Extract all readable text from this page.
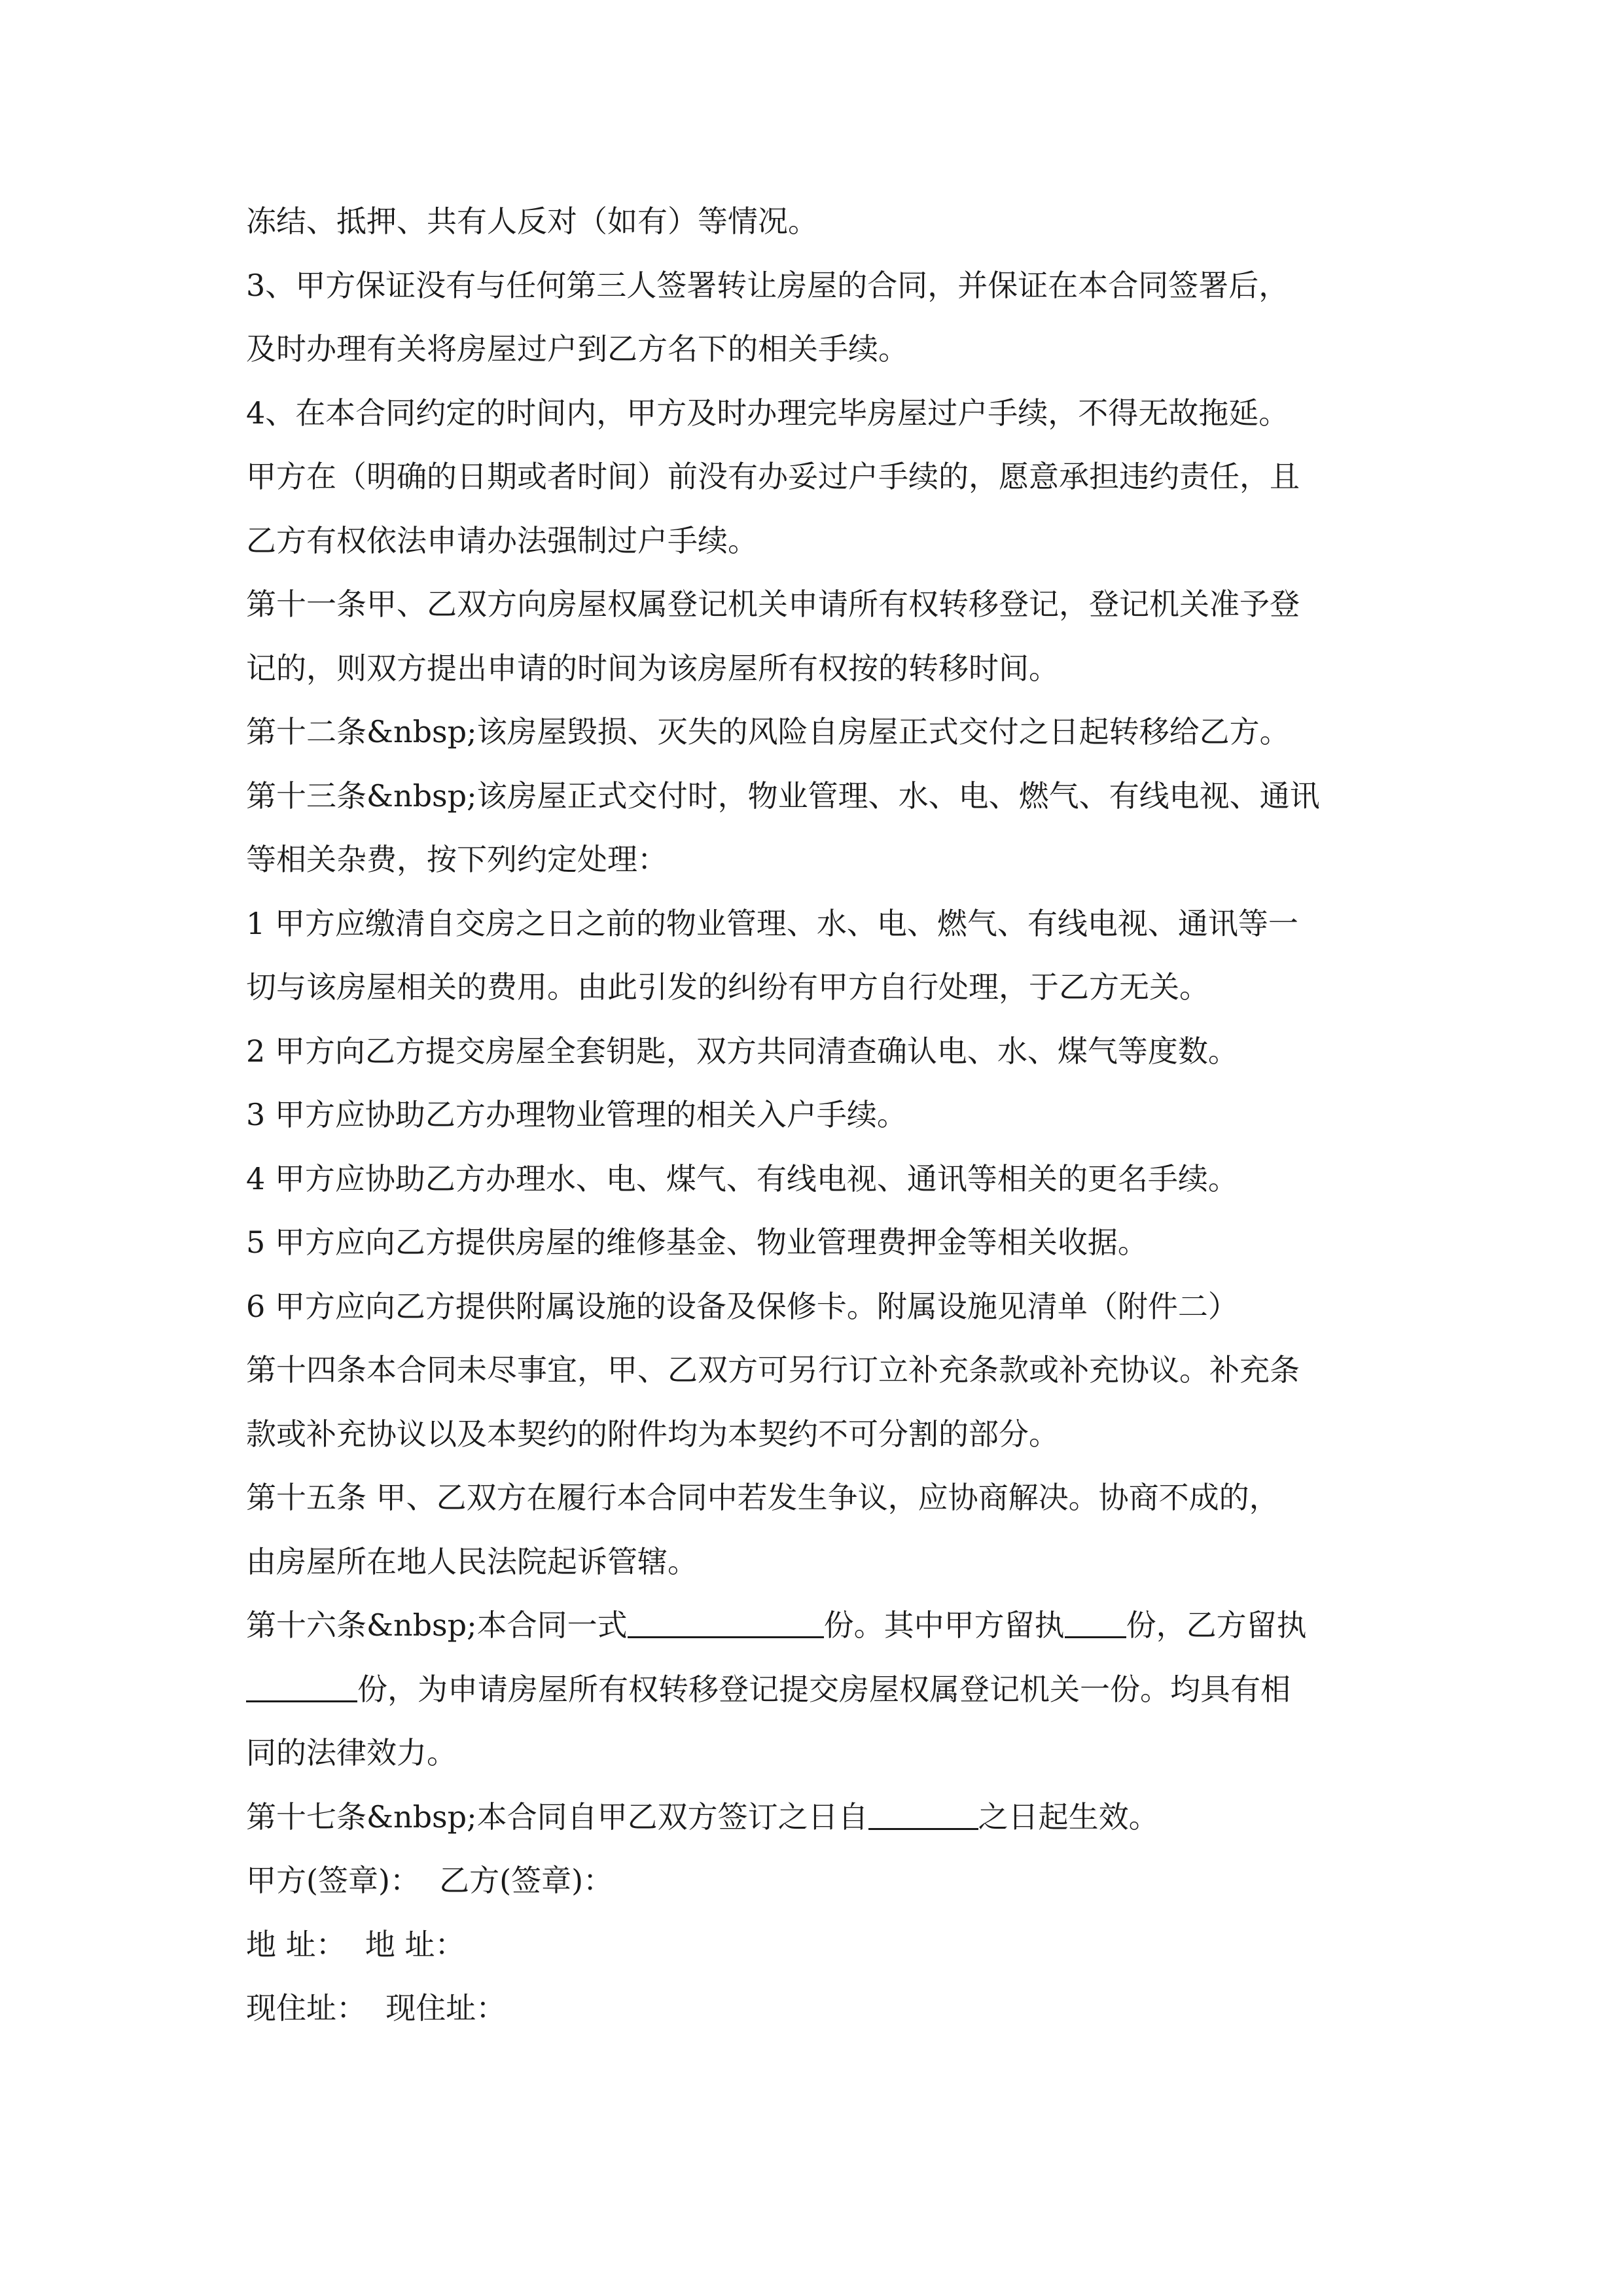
冻结、抵押、共有人反对（如有）等情况。
3、甲方保证没有与任何第三人签署转让房屋的合同，并保证在本合同签署后，
及时办理有关将房屋过户到乙方名下的相关手续。
4、在本合同约定的时间内，甲方及时办理完毕房屋过户手续，不得无故拖延。
甲方在（明确的日期或者时间）前没有办妥过户手续的，愿意承担违约责任，且
乙方有权依法申请办法强制过户手续。
第十一条甲、乙双方向房屋权属登记机关申请所有权转移登记，登记机关准予登
记的，则双方提出申请的时间为该房屋所有权按的转移时间。
第十二条&nbsp;该房屋毁损、灭失的风险自房屋正式交付之日起转移给乙方。
第十三条&nbsp;该房屋正式交付时，物业管理、水、电、燃气、有线电视、通讯
等相关杂费，按下列约定处理：
1 甲方应缴清自交房之日之前的物业管理、水、电、燃气、有线电视、通讯等一
切与该房屋相关的费用。由此引发的纠纷有甲方自行处理，于乙方无关。
2 甲方向乙方提交房屋全套钥匙，双方共同清查确认电、水、煤气等度数。
3 甲方应协助乙方办理物业管理的相关入户手续。
4 甲方应协助乙方办理水、电、煤气、有线电视、通讯等相关的更名手续。
5 甲方应向乙方提供房屋的维修基金、物业管理费押金等相关收据。
6 甲方应向乙方提供附属设施的设备及保修卡。附属设施见清单（附件二）
第十四条本合同未尽事宜，甲、乙双方可另行订立补充条款或补充协议。补充条
款或补充协议以及本契约的附件均为本契约不可分割的部分。
第十五条 甲、乙双方在履行本合同中若发生争议，应协商解决。协商不成的，
由房屋所在地人民法院起诉管辖。
第十六条&nbsp;本合同一式	份。其中甲方留执 份，乙方留执
份，为申请房屋所有权转移登记提交房屋权属登记机关一份。均具有相
同的法律效力。
第十七条&nbsp;本合同自甲乙双方签订之日自	之日起生效。
甲方(签章)：  乙方(签章)：
地 址：  地 址：
现住址：  现住址：
